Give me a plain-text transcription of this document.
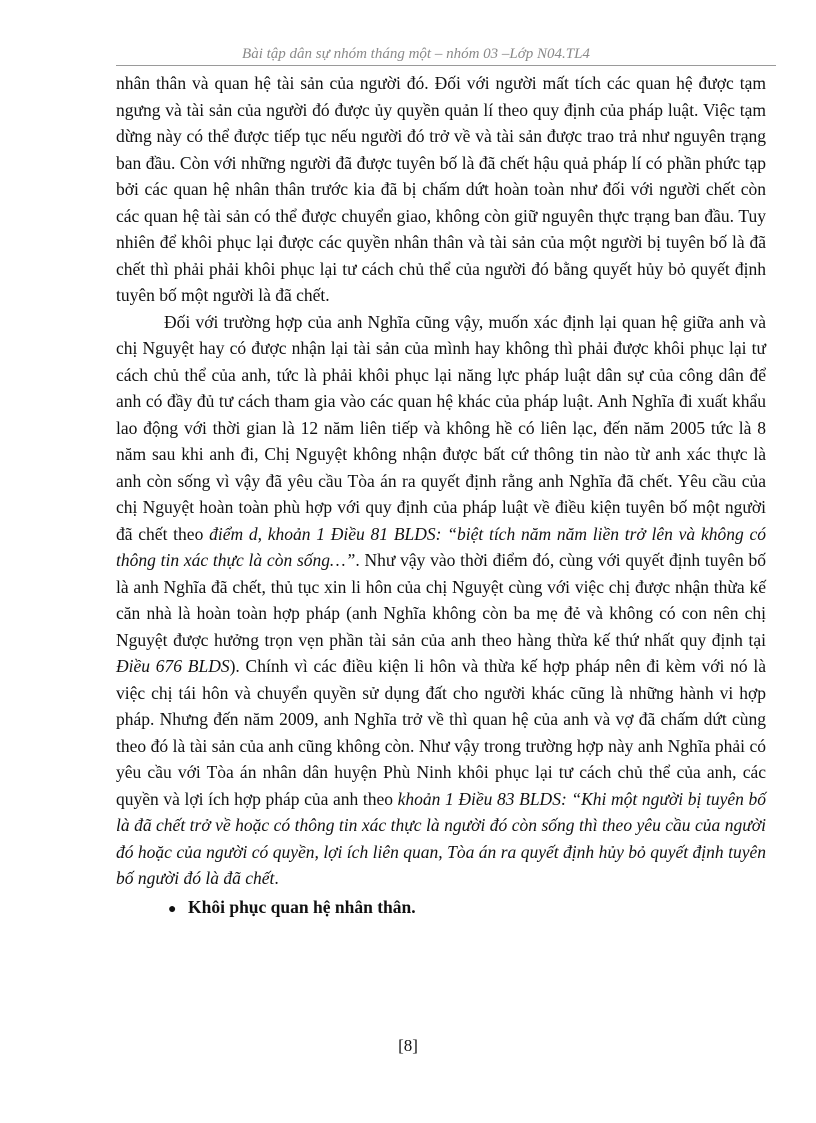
Bài tập dân sự nhóm tháng một – nhóm 03 –Lớp N04.TL4

nhân thân và quan hệ tài sản của người đó. Đối với người mất tích các quan hệ được tạm ngưng và tài sản của người đó được ủy quyền quản lí theo quy định của pháp luật. Việc tạm dừng này có thể được tiếp tục nếu người đó trở về và tài sản được trao trả như nguyên trạng ban đầu. Còn với những người đã được tuyên bố là đã chết hậu quả pháp lí có phần phức tạp bởi các quan hệ nhân thân trước kia đã bị chấm dứt hoàn toàn như đối với người chết còn các quan hệ tài sản có thể được chuyển giao, không còn giữ nguyên thực trạng ban đầu. Tuy nhiên để khôi phục lại được các quyền nhân thân và tài sản của một người bị tuyên bố là đã chết thì phải phải khôi phục lại tư cách chủ thể của người đó bằng quyết hủy bỏ quyết định tuyên bố một người là đã chết.

Đối với trường hợp của anh Nghĩa cũng vậy, muốn xác định lại quan hệ giữa anh và chị Nguyệt hay có được nhận lại tài sản của mình hay không thì phải được khôi phục lại tư cách chủ thể của anh, tức là phải khôi phục lại năng lực pháp luật dân sự của công dân để anh có đầy đủ tư cách tham gia vào các quan hệ khác của pháp luật. Anh Nghĩa đi xuất khẩu lao động với thời gian là 12 năm liên tiếp và không hề có liên lạc, đến năm 2005 tức là 8 năm sau khi anh đi, Chị Nguyệt không nhận được bất cứ thông tin nào từ anh xác thực là anh còn sống vì vậy đã yêu cầu Tòa án ra quyết định rằng anh Nghĩa đã chết. Yêu cầu của chị Nguyệt hoàn toàn phù hợp với quy định của pháp luật về điều kiện tuyên bố một người đã chết theo điểm d, khoản 1 Điều 81 BLDS: “biệt tích năm năm liền trở lên và không có thông tin xác thực là còn sống…”. Như vậy vào thời điểm đó, cùng với quyết định tuyên bố là anh Nghĩa đã chết, thủ tục xin li hôn của chị Nguyệt cùng với việc chị được nhận thừa kế căn nhà là hoàn toàn hợp pháp (anh Nghĩa không còn ba mẹ đẻ và không có con nên chị Nguyệt được hưởng trọn vẹn phần tài sản của anh theo hàng thừa kế thứ nhất quy định tại Điều 676 BLDS). Chính vì các điều kiện li hôn và thừa kế hợp pháp nên đi kèm với nó là việc chị tái hôn và chuyển quyền sử dụng đất cho người khác cũng là những hành vi hợp pháp. Nhưng đến năm 2009, anh Nghĩa trở về thì quan hệ của anh và vợ đã chấm dứt cùng theo đó là tài sản của anh cũng không còn. Như vậy trong trường hợp này anh Nghĩa phải có yêu cầu với Tòa án nhân dân huyện Phù Ninh khôi phục lại tư cách chủ thể của anh, các quyền và lợi ích hợp pháp của anh theo khoản 1 Điều 83 BLDS: “Khi một người bị tuyên bố là đã chết trở về hoặc có thông tin xác thực là người đó còn sống thì theo yêu cầu của người đó hoặc của người có quyền, lợi ích liên quan, Tòa án ra quyết định hủy bỏ quyết định tuyên bố người đó là đã chết.

● Khôi phục quan hệ nhân thân.
[8]
